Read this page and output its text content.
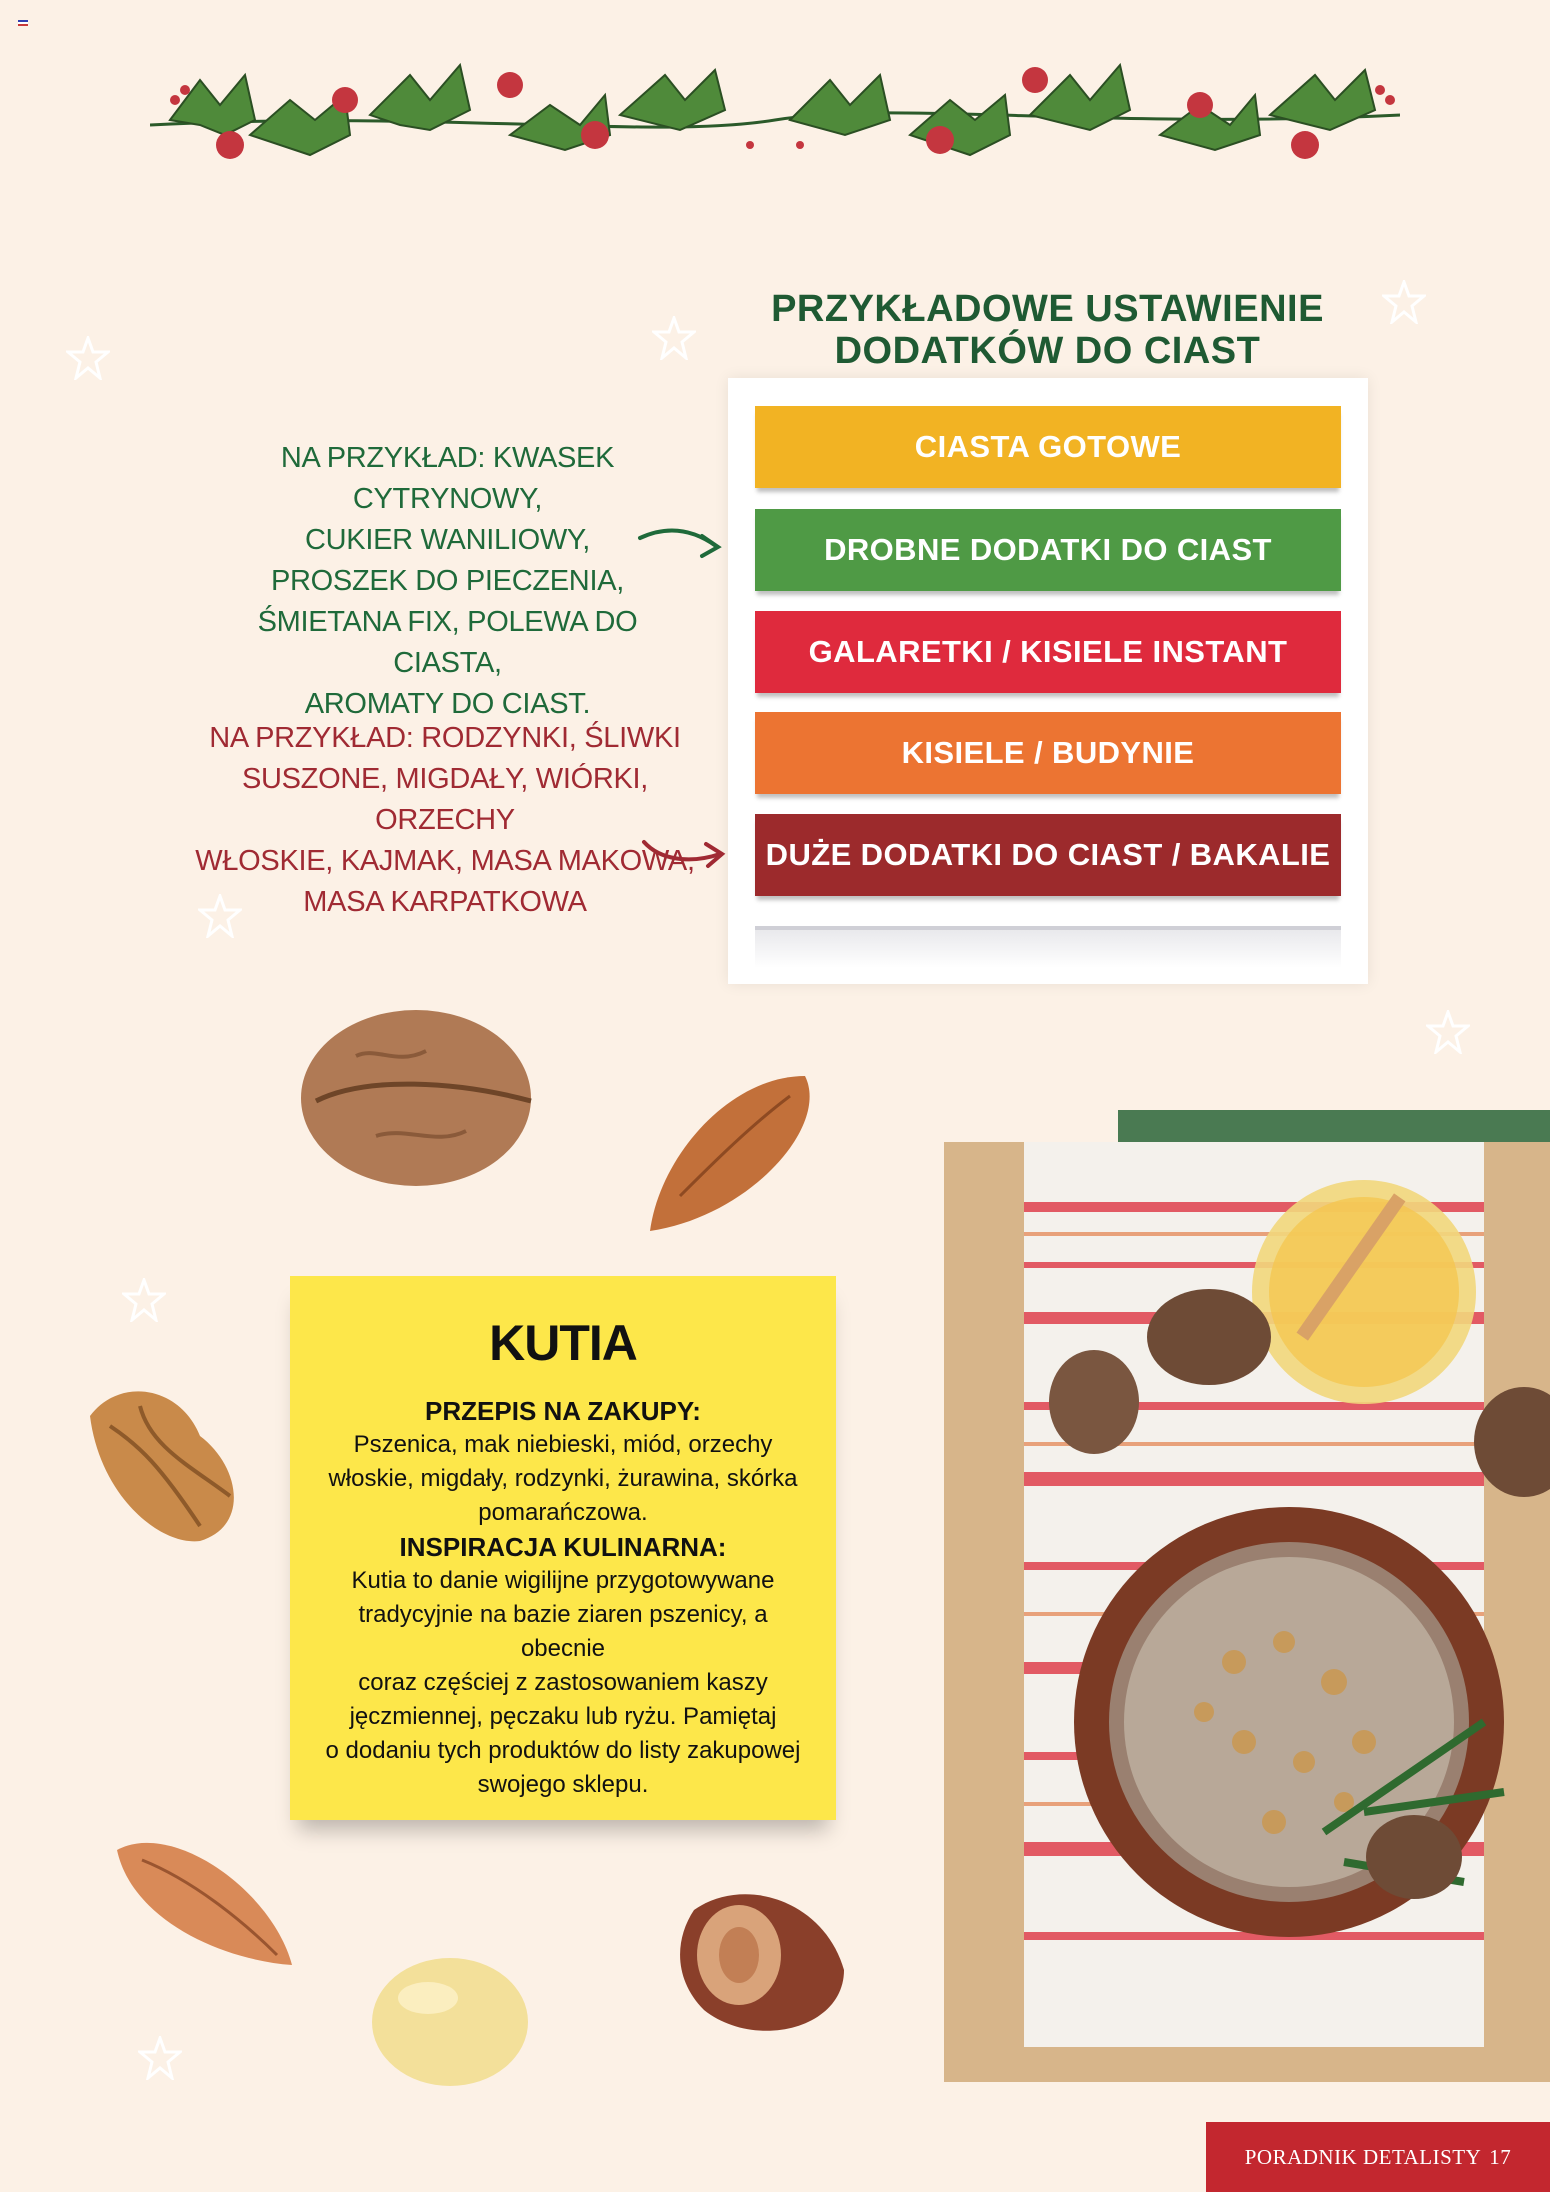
PRZYKŁADOWE USTAWIENIE
DODATKÓW DO CIAST
CIASTA GOTOWE
DROBNE DODATKI DO CIAST
GALARETKI / KISIELE INSTANT
KISIELE / BUDYNIE
DUŻE DODATKI DO CIAST / BAKALIE
NA PRZYKŁAD: KWASEK CYTRYNOWY,
CUKIER WANILIOWY,
PROSZEK DO PIECZENIA,
ŚMIETANA FIX, POLEWA DO CIASTA,
AROMATY DO CIAST.
NA PRZYKŁAD: RODZYNKI, ŚLIWKI
SUSZONE, MIGDAŁY, WIÓRKI, ORZECHY
WŁOSKIE, KAJMAK, MASA MAKOWA,
MASA KARPATKOWA
KUTIA
PRZEPIS NA ZAKUPY:
Pszenica, mak niebieski, miód, orzechy
włoskie, migdały, rodzynki, żurawina, skórka
pomarańczowa.
INSPIRACJA KULINARNA:
Kutia to danie wigilijne przygotowywane
tradycyjnie na bazie ziaren pszenicy, a obecnie
coraz częściej z zastosowaniem kaszy
jęczmiennej, pęczaku lub ryżu. Pamiętaj
o dodaniu tych produktów do listy zakupowej
swojego sklepu.
PORADNIK DETALISTY 17
